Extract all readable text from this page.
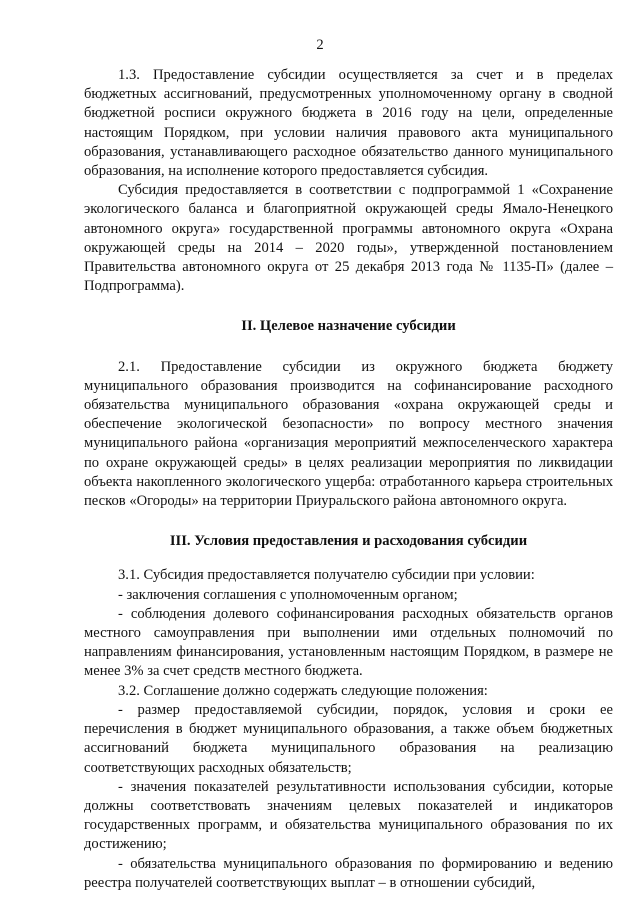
2

1.3. Предоставление субсидии осуществляется за счет и в пределах бюджетных ассигнований, предусмотренных уполномоченному органу в сводной бюджетной росписи окружного бюджета в 2016 году на цели, определенные настоящим Порядком, при условии наличия правового акта муниципального образования, устанавливающего расходное обязательство данного муниципального образования, на исполнение которого предоставляется субсидия.

Субсидия предоставляется в соответствии с подпрограммой 1 «Сохранение экологического баланса и благоприятной окружающей среды Ямало-Ненецкого автономного округа» государственной программы автономного округа «Охрана окружающей среды на 2014 – 2020 годы», утвержденной постановлением Правительства автономного округа от 25 декабря 2013 года № 1135-П» (далее – Подпрограмма).

II. Целевое назначение субсидии

2.1. Предоставление субсидии из окружного бюджета бюджету муниципального образования производится на софинансирование расходного обязательства муниципального образования «охрана окружающей среды и обеспечение экологической безопасности» по вопросу местного значения муниципального района «организация мероприятий межпоселенческого характера по охране окружающей среды» в целях реализации мероприятия по ликвидации объекта накопленного экологического ущерба: отработанного карьера строительных песков «Огороды» на территории Приуральского района автономного округа.

III. Условия предоставления и расходования субсидии

3.1. Субсидия предоставляется получателю субсидии при условии:

- заключения соглашения с уполномоченным органом;

- соблюдения долевого софинансирования расходных обязательств органов местного самоуправления при выполнении ими отдельных полномочий по направлениям финансирования, установленным настоящим Порядком, в размере не менее 3% за счет средств местного бюджета.

3.2. Соглашение должно содержать следующие положения:

- размер предоставляемой субсидии, порядок, условия и сроки ее перечисления в бюджет муниципального образования, а также объем бюджетных ассигнований бюджета муниципального образования на реализацию соответствующих расходных обязательств;

- значения показателей результативности использования субсидии, которые должны соответствовать значениям целевых показателей и индикаторов государственных программ, и обязательства муниципального образования по их достижению;

- обязательства муниципального образования по формированию и ведению реестра получателей соответствующих выплат – в отношении субсидий,
